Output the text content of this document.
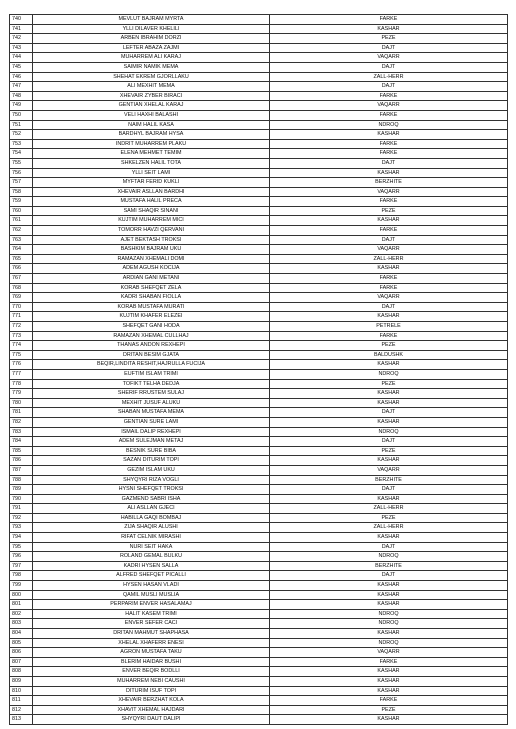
740	MEVLUT BAJRAM MYRTA	FARKE
741	YLLI DILAVER KHELILI	KASHAR
742	ARBEN IBRAHIM DORZI	PEZE
743	LEFTER ABAZA ZAJMI	DAJT
744	MUHARREM ALI KARAJ	VAQARR
745	SAIMIR NAMIK MEMA	DAJT
746	SHEHAT EKREM GJORLLAKU	ZALL-HERR
747	ALI MEXHIT MEMA	DAJT
748	XHEVAIR ZYBER BIRACI	FARKE
749	GENTIAN XHELAL KARAJ	VAQARR
750	VELI HAXHI BALASHI	FARKE
751	NAIM HALIL KASA	NDROQ
752	BARDHYL BAJRAM HYSA	KASHAR
753	INDRIT MUHARREM PLAKU	FARKE
754	ELENA MEHMET TEMIM	FARKE
755	SHKELZEN HALIL TOTA	DAJT
756	YLLI SEIT LAMI	KASHAR
757	MYFTAR FERID KUKLI	BERZHITE
758	XHEVAIR ASLLAN BARDHI	VAQARR
759	MUSTAFA HALIL PRECA	FARKE
760	SAMI SHAQIR SINANI	PEZE
761	KUJTIM MUHARREM MICI	KASHAR
762	TOMORR HAVZI QERVANI	FARKE
763	AJET BEKTASH TROKSI	DAJT
764	BASHKIM BAJRAM UKU	VAQARR
765	RAMAZAN XHEMALI DOMI	ZALL-HERR
766	ADEM AGUSH KOCIJA	KASHAR
767	ARDIAN GANI METANI	FARKE
768	KORAB SHEFQET ZELA	FARKE
769	KADRI SHABAN FIOLLA	VAQARR
770	KORAB MUSTAFA MURATI	DAJT
771	KUJTIM KHAFER ELEZEI	KASHAR
772	SHEFQET GANI HODA	PETRELE
773	RAMAZAN XHEMAL CULLHAJ	FARKE
774	THANAS ANDON REXHEPI	PEZE
775	DRITAN BESIM GJATA	BALDUSHK
776	BEQIR,LINDITA RESHIT,HAJRULLA FUCIJA	KASHAR
777	EUFTIM ISLAM TRIMI	NDROQ
778	TOFIKT TELHA DEDJA	PEZE
779	SHERIF RRUSTEM SULAJ	KASHAR
780	MEXHIT JUSUF ALUKU	KASHAR
781	SHABAN MUSTAFA MEMA	DAJT
782	GENTIAN SURE LAMI	KASHAR
783	ISMAIL DALIP REXHEPI	NDROQ
784	ADEM SULEJMAN METAJ	DAJT
785	BESNIK SURE BIBA	PEZE
786	SAZAN DITURIM TOPI	KASHAR
787	GEZIM ISLAM UKU	VAQARR
788	SHYQYRI RIZA VOGLI	BERZHITE
789	HYSNI SHEFQET TROKSI	DAJT
790	GAZMEND SABRI ISHA	KASHAR
791	ALI ASLLAN GJECI	ZALL-HERR
792	HABILLA GAQI BOMBAJ	PEZE
793	ZIJA SHAQIR ALUSHI	ZALL-HERR
794	RIFAT CELNIK MIRASHI	KASHAR
795	NURI SEIT HAKA	DAJT
796	ROLAND GEMAL BULKU	NDROQ
797	KADRI HYSEN SALLA	BERZHITE
798	ALFRED SHEFQET PICALLI	DAJT
799	HYSEN HASAN VLADI	KASHAR
800	QAMIL MUSLI MUSLIA	KASHAR
801	PERPARIM ENVER HASALAMAJ	KASHAR
802	HALIT KASEM TRIMI	NDROQ
803	ENVER SEFER CACI	NDROQ
804	DRITAN MAHMUT SHAPHASA	KASHAR
805	XHELAL XHAFERR ENESI	NDROQ
806	AGRON MUSTAFA TAKU	VAQARR
807	BLERIM HAIDAR BUSHI	FARKE
808	ENVER BEQIR BODLLI	KASHAR
809	MUHARREM NEBI CAUSHI	KASHAR
810	DITURIM ISUF TOPI	KASHAR
811	XHEVAIR BERZHAT KOLA	FARKE
812	XHAVIT XHEMAL HAJDARI	PEZE
813	SHYQYRI DAUT DALIPI	KASHAR
